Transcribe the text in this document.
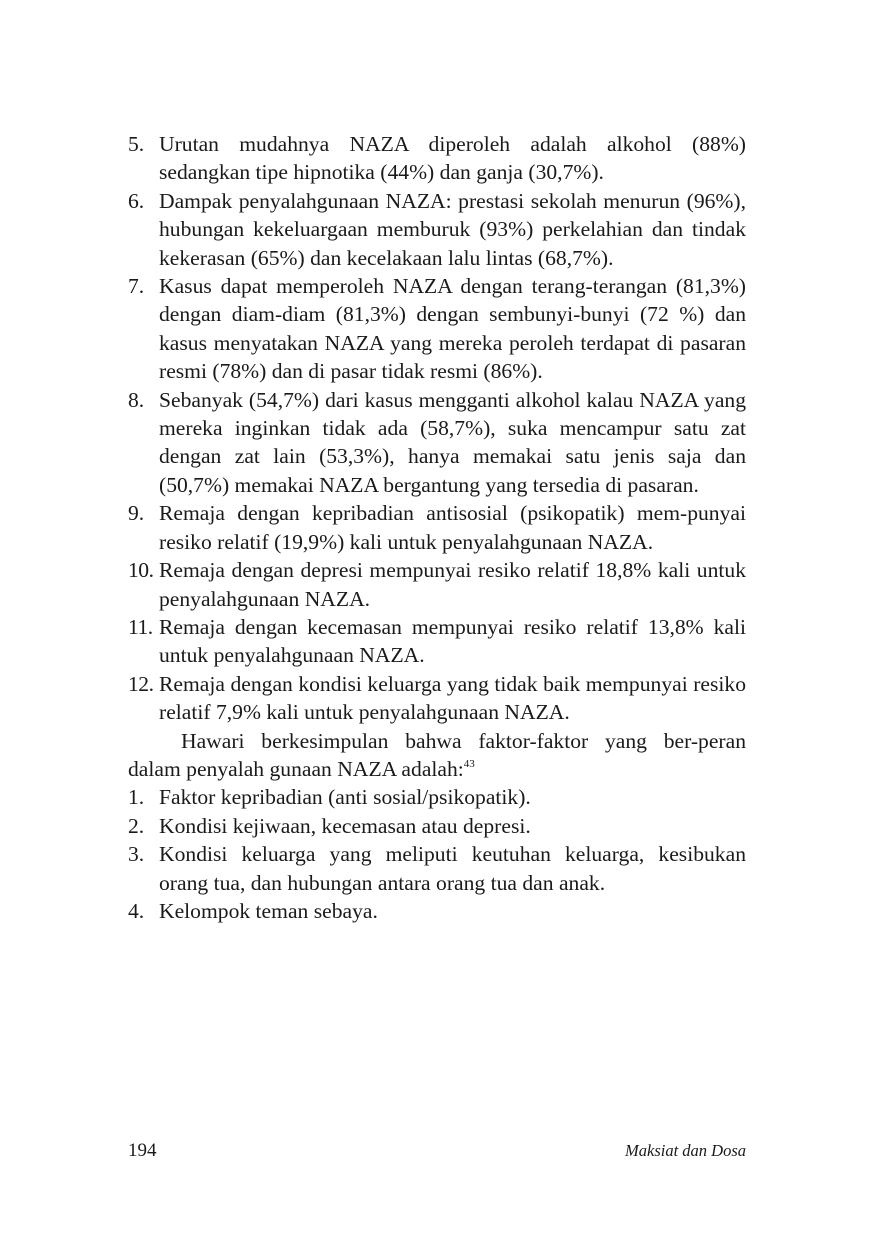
5. Urutan mudahnya NAZA diperoleh adalah alkohol (88%) sedangkan tipe hipnotika (44%) dan ganja (30,7%).
6. Dampak penyalahgunaan NAZA: prestasi sekolah menurun (96%), hubungan kekeluargaan memburuk (93%) perkelahian dan tindak kekerasan (65%) dan kecelakaan lalu lintas (68,7%).
7. Kasus dapat memperoleh NAZA dengan terang-terangan (81,3%) dengan diam-diam (81,3%) dengan sembunyi-bunyi (72 %) dan kasus menyatakan NAZA yang mereka peroleh terdapat di pasaran resmi (78%) dan di pasar tidak resmi (86%).
8. Sebanyak (54,7%) dari kasus mengganti alkohol kalau NAZA yang mereka inginkan tidak ada (58,7%), suka mencampur satu zat dengan zat lain (53,3%), hanya memakai satu jenis saja dan (50,7%) memakai NAZA bergantung yang tersedia di pasaran.
9. Remaja dengan kepribadian antisosial (psikopatik) mem-punyai resiko relatif (19,9%) kali untuk penyalahgunaan NAZA.
10. Remaja dengan depresi mempunyai resiko relatif 18,8% kali untuk penyalahgunaan NAZA.
11. Remaja dengan kecemasan mempunyai resiko relatif 13,8% kali untuk penyalahgunaan NAZA.
12. Remaja dengan kondisi keluarga yang tidak baik mempunyai resiko relatif 7,9% kali untuk penyalahgunaan NAZA.

Hawari berkesimpulan bahwa faktor-faktor yang ber-peran dalam penyalah gunaan NAZA adalah:$^{43}$

1. Faktor kepribadian (anti sosial/psikopatik).
2. Kondisi kejiwaan, kecemasan atau depresi.
3. Kondisi keluarga yang meliputi keutuhan keluarga, kesibukan orang tua, dan hubungan antara orang tua dan anak.
4. Kelompok teman sebaya.
194	Maksiat dan Dosa
